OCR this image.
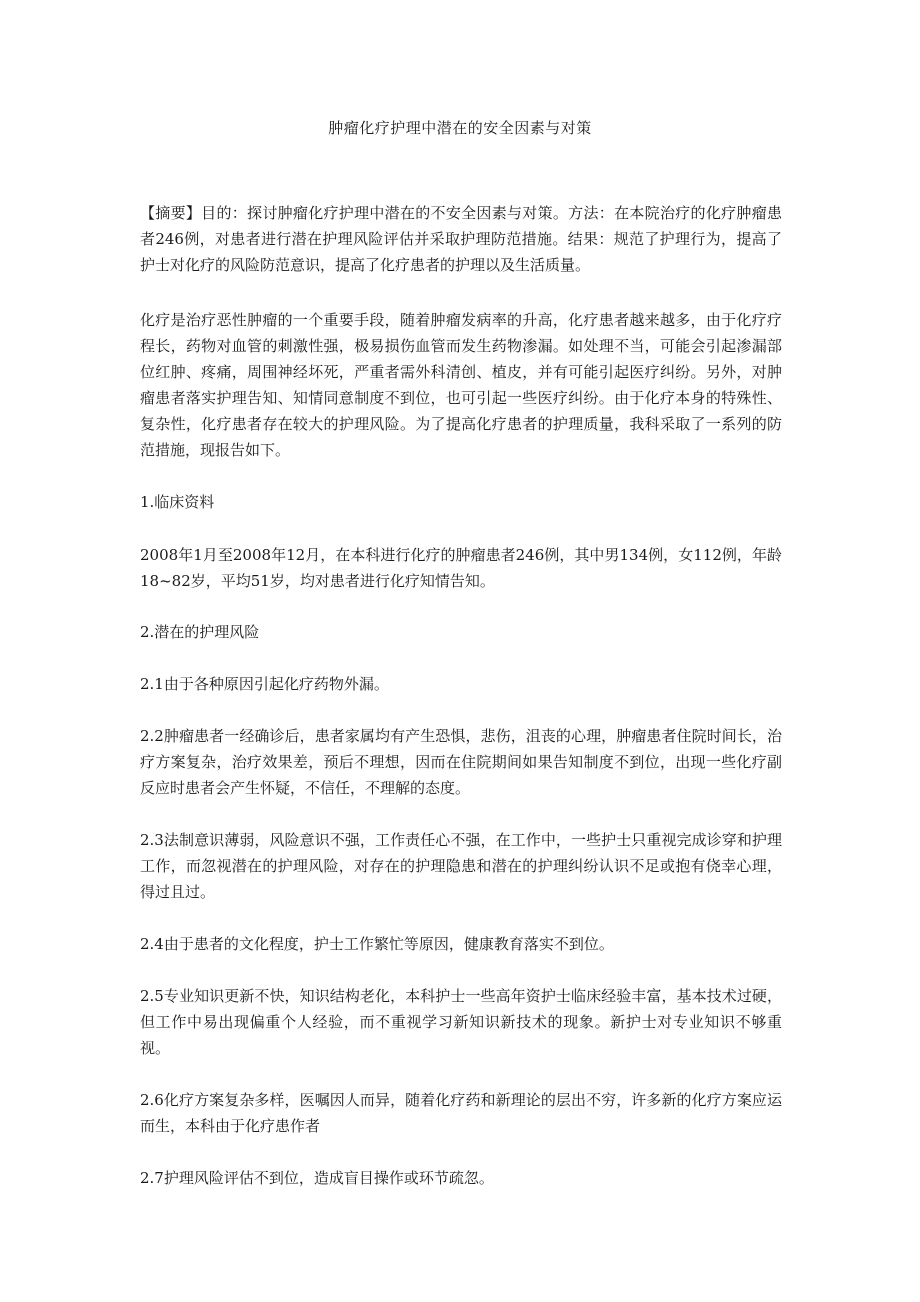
肿瘤化疗护理中潜在的安全因素与对策

【摘要】目的：探讨肿瘤化疗护理中潜在的不安全因素与对策。方法：在本院治疗的化疗肿瘤患者246例，对患者进行潜在护理风险评估并采取护理防范措施。结果：规范了护理行为，提高了护士对化疗的风险防范意识，提高了化疗患者的护理以及生活质量。

化疗是治疗恶性肿瘤的一个重要手段，随着肿瘤发病率的升高，化疗患者越来越多，由于化疗疗程长，药物对血管的刺激性强，极易损伤血管而发生药物渗漏。如处理不当，可能会引起渗漏部位红肿、疼痛，周围神经坏死，严重者需外科清创、植皮，并有可能引起医疗纠纷。另外，对肿瘤患者落实护理告知、知情同意制度不到位，也可引起一些医疗纠纷。由于化疗本身的特殊性、复杂性，化疗患者存在较大的护理风险。为了提高化疗患者的护理质量，我科采取了一系列的防范措施，现报告如下。

1.临床资料

2008年1月至2008年12月，在本科进行化疗的肿瘤患者246例，其中男134例，女112例，年龄18~82岁，平均51岁，均对患者进行化疗知情告知。

2.潜在的护理风险

2.1由于各种原因引起化疗药物外漏。

2.2肿瘤患者一经确诊后，患者家属均有产生恐惧，悲伤，沮丧的心理，肿瘤患者住院时间长，治疗方案复杂，治疗效果差，预后不理想，因而在住院期间如果告知制度不到位，出现一些化疗副反应时患者会产生怀疑，不信任，不理解的态度。

2.3法制意识薄弱，风险意识不强，工作责任心不强，在工作中，一些护士只重视完成诊穿和护理工作，而忽视潜在的护理风险，对存在的护理隐患和潜在的护理纠纷认识不足或抱有侥幸心理，得过且过。

2.4由于患者的文化程度，护士工作繁忙等原因，健康教育落实不到位。

2.5专业知识更新不快，知识结构老化，本科护士一些高年资护士临床经验丰富，基本技术过硬，但工作中易出现偏重个人经验，而不重视学习新知识新技术的现象。新护士对专业知识不够重视。

2.6化疗方案复杂多样，医嘱因人而异，随着化疗药和新理论的层出不穷，许多新的化疗方案应运而生，本科由于化疗患作者

2.7护理风险评估不到位，造成盲目操作或环节疏忽。
